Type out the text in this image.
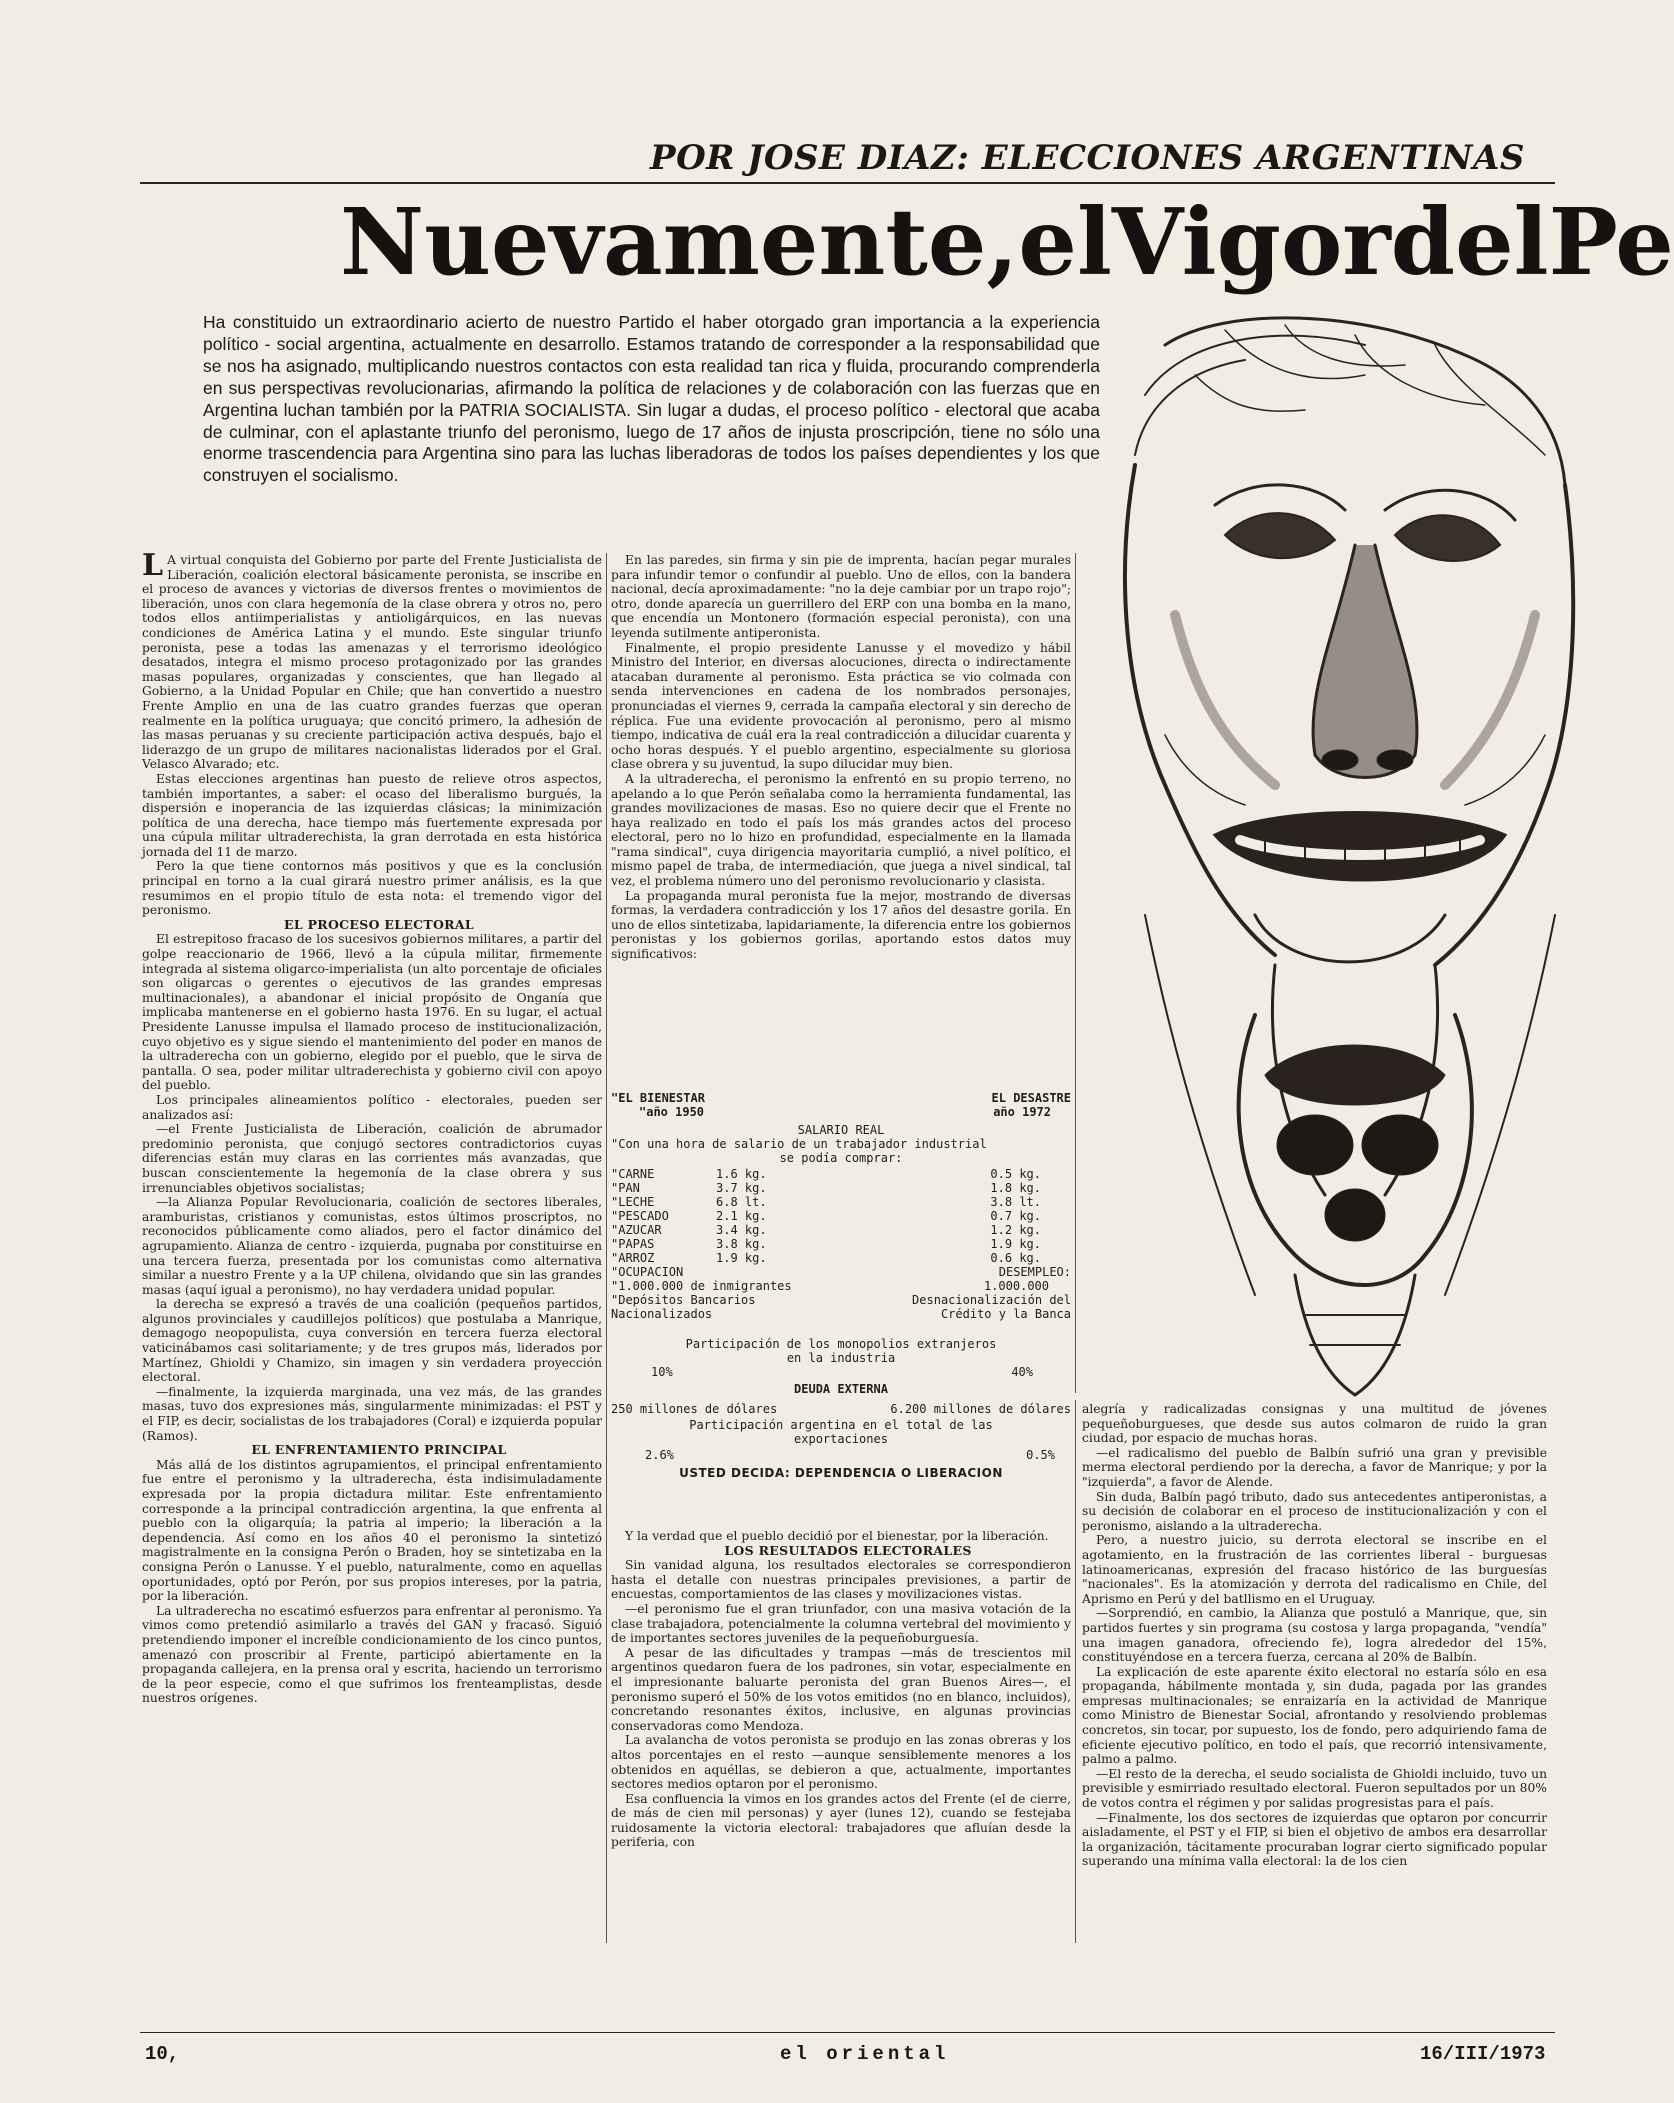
POR JOSE DIAZ: ELECCIONES ARGENTINAS
Nuevamente, el Vigor del Pe
Ha constituido un extraordinario acierto de nuestro Partido el haber otorgado gran importancia a la experiencia político - social argentina, actualmente en desarrollo. Estamos tratando de corresponder a la responsabilidad que se nos ha asignado, multiplicando nuestros contactos con esta realidad tan rica y fluida, procurando comprenderla en sus perspectivas revolucionarias, afirmando la política de relaciones y de colaboración con las fuerzas que en Argentina luchan también por la PATRIA SOCIALISTA. Sin lugar a dudas, el proceso político - electoral que acaba de culminar, con el aplastante triunfo del peronismo, luego de 17 años de injusta proscripción, tiene no sólo una enorme trascendencia para Argentina sino para las luchas liberadoras de todos los países dependientes y los que construyen el socialismo.

L A virtual conquista del Gobierno por parte del Frente Justicialista de Liberación, coalición electoral básicamente peronista, se inscribe en el proceso de avances y victorias de diversos frentes o movimientos de liberación, unos con clara hegemonía de la clase obrera y otros no, pero todos ellos antiimperialistas y antioligárquicos, en las nuevas condiciones de América Latina y el mundo. Este singular triunfo peronista, pese a todas las amenazas y el terrorismo ideológico desatados, integra el mismo proceso protagonizado por las grandes masas populares, organizadas y conscientes, que han llegado al Gobierno, a la Unidad Popular en Chile; que han convertido a nuestro Frente Amplio en una de las cuatro grandes fuerzas que operan realmente en la política uruguaya; que concitó primero, la adhesión de las masas peruanas y su creciente participación activa después, bajo el liderazgo de un grupo de militares nacionalistas liderados por el Gral. Velasco Alvarado; etc.

Estas elecciones argentinas han puesto de relieve otros aspectos, también importantes, a saber: el ocaso del liberalismo burgués, la dispersión e inoperancia de las izquierdas clásicas; la minimización política de una derecha, hace tiempo más fuertemente expresada por una cúpula militar ultraderechista, la gran derrotada en esta histórica jornada del 11 de marzo.

Pero la que tiene contornos más positivos y que es la conclusión principal en torno a la cual girará nuestro primer análisis, es la que resumimos en el propio título de esta nota: el tremendo vigor del peronismo.

EL PROCESO ELECTORAL

El estrepitoso fracaso de los sucesivos gobiernos militares, a partir del golpe reaccionario de 1966, llevó a la cúpula militar, firmemente integrada al sistema oligarco-imperialista (un alto porcentaje de oficiales son oligarcas o gerentes o ejecutivos de las grandes empresas multinacionales), a abandonar el inicial propósito de Onganía que implicaba mantenerse en el gobierno hasta 1976. En su lugar, el actual Presidente Lanusse impulsa el llamado proceso de institucionalización, cuyo objetivo es y sigue siendo el mantenimiento del poder en manos de la ultraderecha con un gobierno, elegido por el pueblo, que le sirva de pantalla. O sea, poder militar ultraderechista y gobierno civil con apoyo del pueblo.

Los principales alineamientos político - electorales, pueden ser analizados así:

—el Frente Justicialista de Liberación, coalición de abrumador predominio peronista, que conjugó sectores contradictorios cuyas diferencias están muy claras en las corrientes más avanzadas, que buscan conscientemente la hegemonía de la clase obrera y sus irrenunciables objetivos socialistas;

—la Alianza Popular Revolucionaria, coalición de sectores liberales, aramburistas, cristianos y comunistas, estos últimos proscriptos, no reconocidos públicamente como aliados, pero el factor dinámico del agrupamiento. Alianza de centro - izquierda, pugnaba por constituirse en una tercera fuerza, presentada por los comunistas como alternativa similar a nuestro Frente y a la UP chilena, olvidando que sin las grandes masas (aquí igual a peronismo), no hay verdadera unidad popular.

la derecha se expresó a través de una coalición (pequeños partidos, algunos provinciales y caudillejos políticos) que postulaba a Manrique, demagogo neopopulista, cuya conversión en tercera fuerza electoral vaticinábamos casi solitariamente; y de tres grupos más, liderados por Martínez, Ghioldi y Chamizo, sin imagen y sin verdadera proyección electoral.

—finalmente, la izquierda marginada, una vez más, de las grandes masas, tuvo dos expresiones más, singularmente minimizadas: el PST y el FIP, es decir, socialistas de los trabajadores (Coral) e izquierda popular (Ramos).

EL ENFRENTAMIENTO PRINCIPAL

Más allá de los distintos agrupamientos, el principal enfrentamiento fue entre el peronismo y la ultraderecha, ésta indisimuladamente expresada por la propia dictadura militar. Este enfrentamiento corresponde a la principal contradicción argentina, la que enfrenta al pueblo con la oligarquía; la patria al imperio; la liberación a la dependencia. Así como en los años 40 el peronismo la sintetizó magistralmente en la consigna Perón o Braden, hoy se sintetizaba en la consigna Perón o Lanusse. Y el pueblo, naturalmente, como en aquellas oportunidades, optó por Perón, por sus propios intereses, por la patria, por la liberación.

La ultraderecha no escatimó esfuerzos para enfrentar al peronismo. Ya vimos como pretendió asimilarlo a través del GAN y fracasó. Siguió pretendiendo imponer el increíble condicionamiento de los cinco puntos, amenazó con proscribir al Frente, participó abiertamente en la propaganda callejera, en la prensa oral y escrita, haciendo un terrorismo de la peor especie, como el que sufrimos los frenteamplistas, desde nuestros orígenes.

En las paredes, sin firma y sin pie de imprenta, hacían pegar murales para infundir temor o confundir al pueblo. Uno de ellos, con la bandera nacional, decía aproximadamente: "no la deje cambiar por un trapo rojo"; otro, donde aparecía un guerrillero del ERP con una bomba en la mano, que encendía un Montonero (formación especial peronista), con una leyenda sutilmente antiperonista.

Finalmente, el propio presidente Lanusse y el movedizo y hábil Ministro del Interior, en diversas alocuciones, directa o indirectamente atacaban duramente al peronismo. Esta práctica se vio colmada con senda intervenciones en cadena de los nombrados personajes, pronunciadas el viernes 9, cerrada la campaña electoral y sin derecho de réplica. Fue una evidente provocación al peronismo, pero al mismo tiempo, indicativa de cuál era la real contradicción a dilucidar cuarenta y ocho horas después. Y el pueblo argentino, especialmente su gloriosa clase obrera y su juventud, la supo dilucidar muy bien.

A la ultraderecha, el peronismo la enfrentó en su propio terreno, no apelando a lo que Perón señalaba como la herramienta fundamental, las grandes movilizaciones de masas. Eso no quiere decir que el Frente no haya realizado en todo el país los más grandes actos del proceso electoral, pero no lo hizo en profundidad, especialmente en la llamada "rama sindical", cuya dirigencia mayoritaria cumplió, a nivel político, el mismo papel de traba, de intermediación, que juega a nivel sindical, tal vez, el problema número uno del peronismo revolucionario y clasista.

La propaganda mural peronista fue la mejor, mostrando de diversas formas, la verdadera contradicción y los 17 años del desastre gorila. En uno de ellos sintetizaba, lapidariamente, la diferencia entre los gobiernos peronistas y los gobiernos gorilas, aportando estos datos muy significativos:

"EL BIENESTAR	EL DESASTRE
"año 1950	año 1972
SALARIO REAL
"Con una hora de salario de un trabajador industrial
se podía comprar:
"CARNE	1.6 kg.	0.5 kg.
"PAN	3.7 kg.	1.8 kg.
"LECHE	6.8 lt.	3.8 lt.
"PESCADO	2.1 kg.	0.7 kg.
"AZUCAR	3.4 kg.	1.2 kg.
"PAPAS	3.8 kg.	1.9 kg.
"ARROZ	1.9 kg.	0.6 kg.
"OCUPACION	DESEMPLEO:
"1.000.000 de inmigrantes	1.000.000
"Depósitos Bancarios	Desnacionalización del
Nacionalizados	Crédito y la Banca
Participación de los monopolios extranjeros
en la industria
10%	40%
DEUDA EXTERNA
250 millones de dólares	6.200 millones de dólares
Participación argentina en el total de las
exportaciones
2.6%	0.5%
USTED DECIDA: DEPENDENCIA O LIBERACION

Y la verdad que el pueblo decidió por el bienestar, por la liberación.

LOS RESULTADOS ELECTORALES

Sin vanidad alguna, los resultados electorales se correspondieron hasta el detalle con nuestras principales previsiones, a partir de encuestas, comportamientos de las clases y movilizaciones vistas.

—el peronismo fue el gran triunfador, con una masiva votación de la clase trabajadora, potencialmente la columna vertebral del movimiento y de importantes sectores juveniles de la pequeñoburguesía.

A pesar de las dificultades y trampas —más de trescientos mil argentinos quedaron fuera de los padrones, sin votar, especialmente en el impresionante baluarte peronista del gran Buenos Aires—, el peronismo superó el 50% de los votos emitidos (no en blanco, incluidos), concretando resonantes éxitos, inclusive, en algunas provincias conservadoras como Mendoza.

La avalancha de votos peronista se produjo en las zonas obreras y los altos porcentajes en el resto —aunque sensiblemente menores a los obtenidos en aquéllas, se debieron a que, actualmente, importantes sectores medios optaron por el peronismo.

Esa confluencia la vimos en los grandes actos del Frente (el de cierre, de más de cien mil personas) y ayer (lunes 12), cuando se festejaba ruidosamente la victoria electoral: trabajadores que afluían desde la periferia, con

alegría y radicalizadas consignas y una multitud de jóvenes pequeñoburgueses, que desde sus autos colmaron de ruido la gran ciudad, por espacio de muchas horas.

—el radicalismo del pueblo de Balbín sufrió una gran y previsible merma electoral perdiendo por la derecha, a favor de Manrique; y por la "izquierda", a favor de Alende.

Sin duda, Balbín pagó tributo, dado sus antecedentes antiperonistas, a su decisión de colaborar en el proceso de institucionalización y con el peronismo, aislando a la ultraderecha.

Pero, a nuestro juicio, su derrota electoral se inscribe en el agotamiento, en la frustración de las corrientes liberal - burguesas latinoamericanas, expresión del fracaso histórico de las burguesías "nacionales". Es la atomización y derrota del radicalismo en Chile, del Aprismo en Perú y del batllismo en el Uruguay.

—Sorprendió, en cambio, la Alianza que postuló a Manrique, que, sin partidos fuertes y sin programa (su costosa y larga propaganda, "vendía" una imagen ganadora, ofreciendo fe), logra alrededor del 15%, constituyéndose en a tercera fuerza, cercana al 20% de Balbín.

La explicación de este aparente éxito electoral no estaría sólo en esa propaganda, hábilmente montada y, sin duda, pagada por las grandes empresas multinacionales; se enraizaría en la actividad de Manrique como Ministro de Bienestar Social, afrontando y resolviendo problemas concretos, sin tocar, por supuesto, los de fondo, pero adquiriendo fama de eficiente ejecutivo político, en todo el país, que recorrió intensivamente, palmo a palmo.

—El resto de la derecha, el seudo socialista de Ghioldi incluido, tuvo un previsible y esmirriado resultado electoral. Fueron sepultados por un 80% de votos contra el régimen y por salidas progresistas para el país.

—Finalmente, los dos sectores de izquierdas que optaron por concurrir aisladamente, el PST y el FIP, si bien el objetivo de ambos era desarrollar la organización, tácitamente procuraban lograr cierto significado popular superando una mínima valla electoral: la de los cien

10,	el oriental	16/III/1973
